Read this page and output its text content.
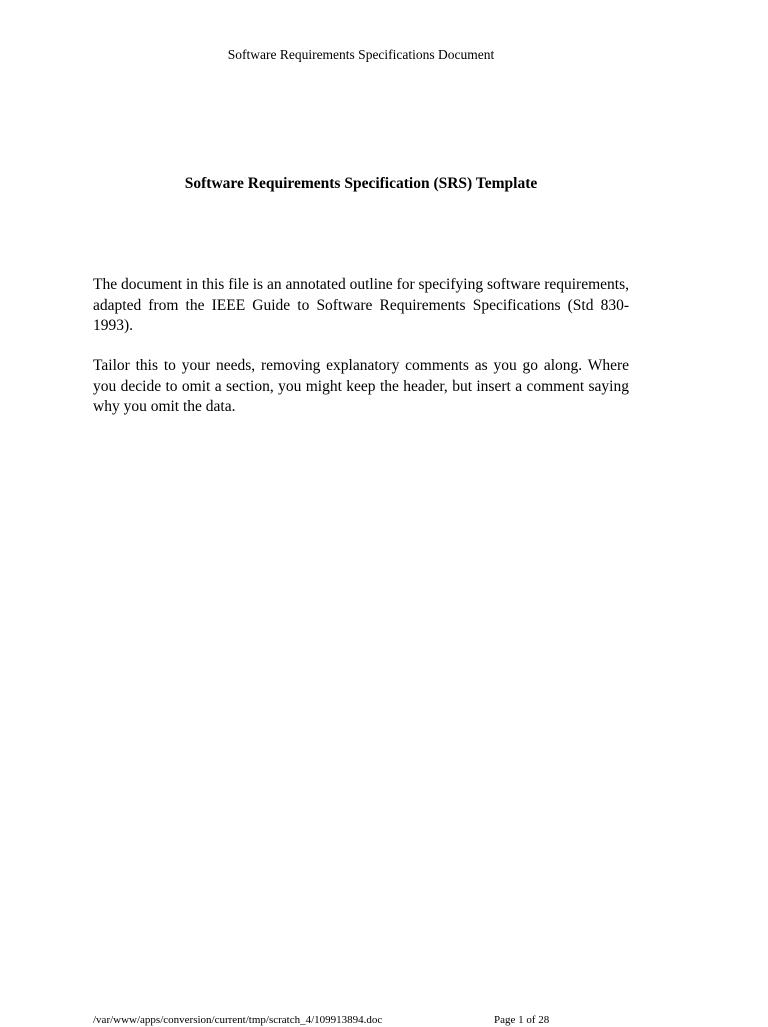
Software Requirements Specifications Document
Software Requirements Specification (SRS) Template

The document in this file is an annotated outline for specifying software requirements, adapted from the IEEE Guide to Software Requirements Specifications (Std 830-1993).

Tailor this to your needs, removing explanatory comments as you go along. Where you decide to omit a section, you might keep the header, but insert a comment saying why you omit the data.

/var/www/apps/conversion/current/tmp/scratch_4/109913894.doc	Page 1 of 28
